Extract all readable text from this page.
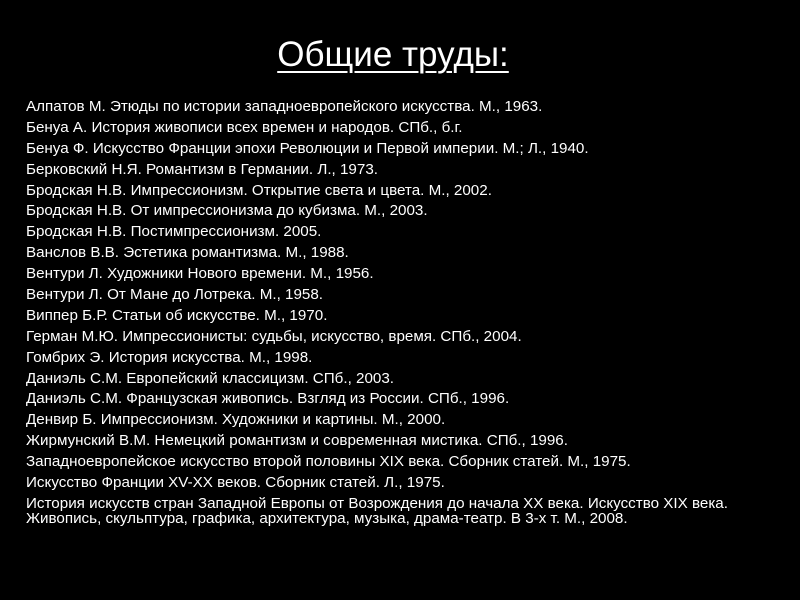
Общие труды:
Алпатов М. Этюды по истории западноевропейского искусства. М., 1963.
Бенуа А. История живописи всех времен и народов. СПб., б.г.
Бенуа Ф. Искусство Франции эпохи Революции и Первой империи. М.; Л., 1940.
Берковский Н.Я. Романтизм в Германии. Л., 1973.
Бродская Н.В. Импрессионизм. Открытие света и цвета. М., 2002.
Бродская Н.В. От импрессионизма до кубизма. М., 2003.
Бродская Н.В. Постимпрессионизм. 2005.
Ванслов В.В. Эстетика романтизма. М., 1988.
Вентури Л. Художники Нового времени. М., 1956.
Вентури Л. От Мане до Лотрека. М., 1958.
Виппер Б.Р. Статьи об искусстве. М., 1970.
Герман М.Ю. Импрессионисты: судьбы, искусство, время. СПб., 2004.
Гомбрих Э. История искусства. М., 1998.
Даниэль С.М. Европейский классицизм. СПб., 2003.
Даниэль С.М. Французская живопись. Взгляд из России. СПб., 1996.
Денвир Б. Импрессионизм. Художники и картины. М., 2000.
Жирмунский В.М. Немецкий романтизм и современная мистика. СПб., 1996.
Западноевропейское искусство второй половины XIX века. Сборник статей. М., 1975.
Искусство Франции XV-XX веков. Сборник статей. Л., 1975.
История искусств стран Западной Европы от Возрождения до начала XX века. Искусство XIX века. Живопись, скульптура, графика, архитектура, музыка, драма-театр. В 3-х т. М., 2008.
